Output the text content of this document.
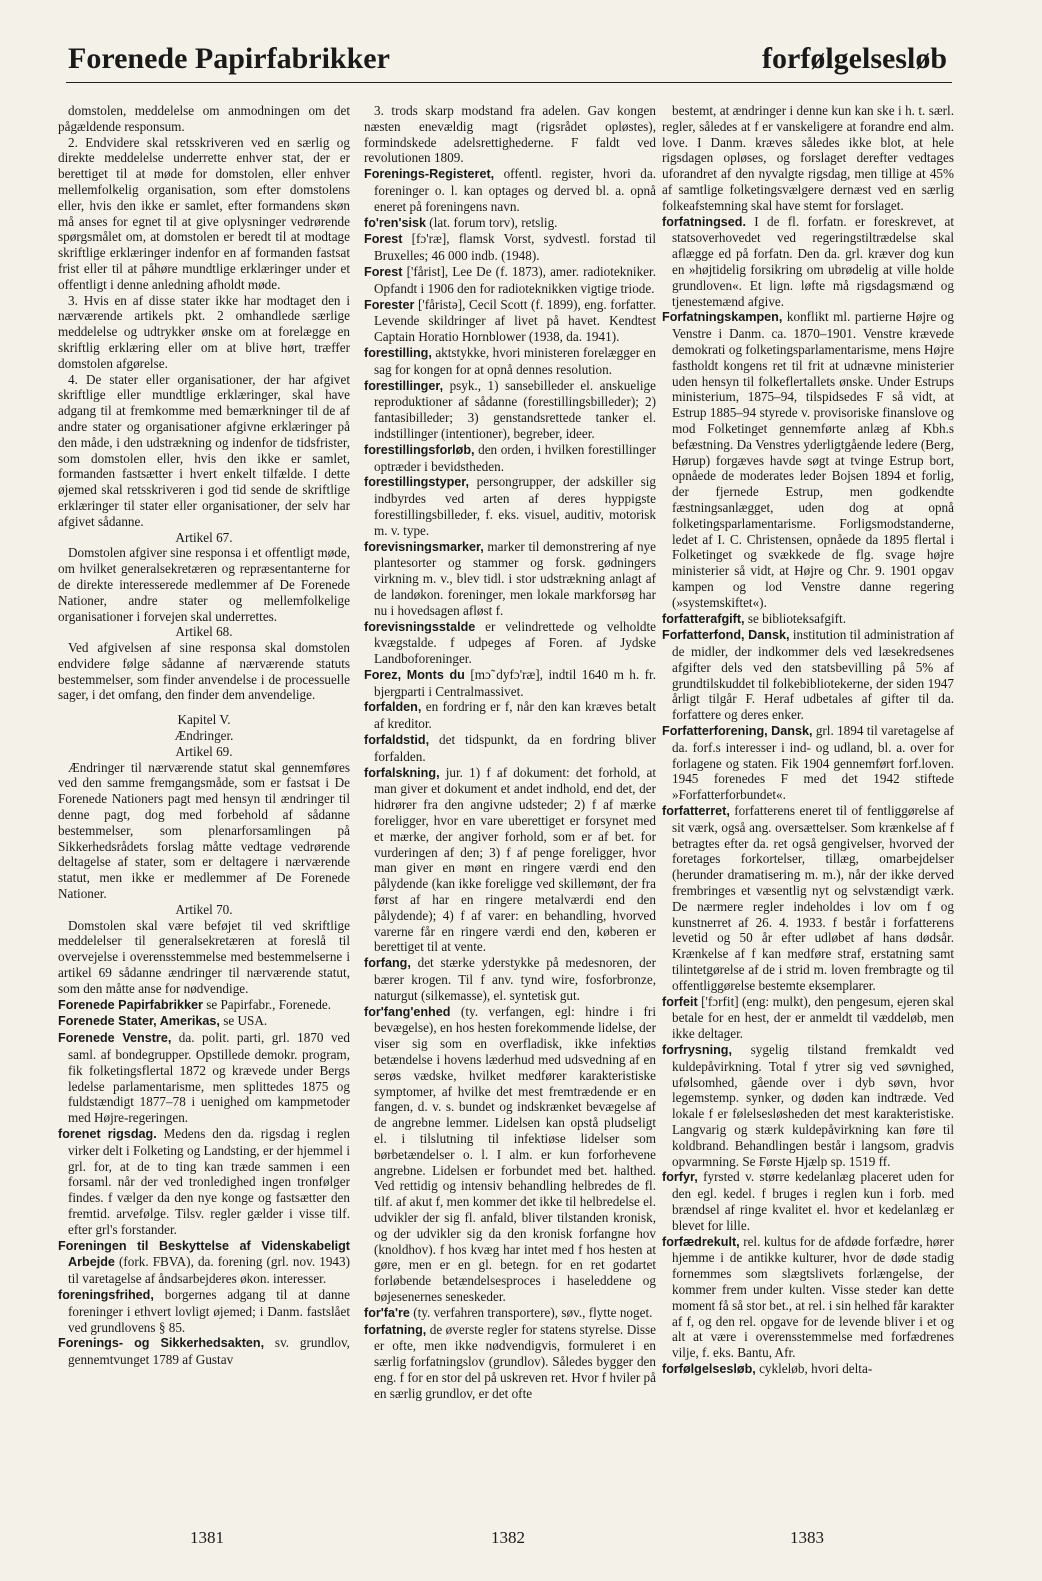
Forenede Papirfabrikker	forfølgelsesløb

domstolen, meddelelse om anmodningen om det pågældende responsum.

2. Endvidere skal retsskriveren ved en særlig og direkte meddelelse underrette enhver stat, der er berettiget til at møde for domstolen, eller enhver mellemfolkelig organisation, som efter domstolens eller, hvis den ikke er samlet, efter formandens skøn må anses for egnet til at give oplysninger vedrørende spørgsmålet om, at domstolen er beredt til at modtage skriftlige erklæringer indenfor en af formanden fastsat frist eller til at påhøre mundtlige erklæringer under et offentligt i denne anledning afholdt møde.

3. Hvis en af disse stater ikke har modtaget den i nærværende artikels pkt. 2 omhandlede særlige meddelelse og udtrykker ønske om at forelægge en skriftlig erklæring eller om at blive hørt, træffer domstolen afgørelse.

4. De stater eller organisationer, der har afgivet skriftlige eller mundtlige erklæringer, skal have adgang til at fremkomme med bemærkninger til de af andre stater og organisationer afgivne erklæringer på den måde, i den udstrækning og indenfor de tidsfrister, som domstolen eller, hvis den ikke er samlet, formanden fastsætter i hvert enkelt tilfælde. I dette øjemed skal retsskriveren i god tid sende de skriftlige erklæringer til stater eller organisationer, der selv har afgivet sådanne.

Artikel 67.

Domstolen afgiver sine responsa i et offentligt møde, om hvilket generalsekretæren og repræsentanterne for de direkte interesserede medlemmer af De Forenede Nationer, andre stater og mellemfolkelige organisationer i forvejen skal underrettes.

Artikel 68.

Ved afgivelsen af sine responsa skal domstolen endvidere følge sådanne af nærværende statuts bestemmelser, som finder anvendelse i de processuelle sager, i det omfang, den finder dem anvendelige.

Kapitel V.

Ændringer.

Artikel 69.

Ændringer til nærværende statut skal gennemføres ved den samme fremgangsmåde, som er fastsat i De Forenede Nationers pagt med hensyn til ændringer til denne pagt, dog med forbehold af sådanne bestemmelser, som plenarforsamlingen på Sikkerhedsrådets forslag måtte vedtage vedrørende deltagelse af stater, som er deltagere i nærværende statut, men ikke er medlemmer af De Forenede Nationer.

Artikel 70.

Domstolen skal være beføjet til ved skriftlige meddelelser til generalsekretæren at foreslå til overvejelse i overensstemmelse med bestemmelserne i artikel 69 sådanne ændringer til nærværende statut, som den måtte anse for nødvendige.

Forenede Papirfabrikker se Papirfabr., Forenede.

Forenede Stater, Amerikas, se USA.

Forenede Venstre, da. polit. parti, grl. 1870 ved saml. af bondegrupper. Opstillede demokr. program, fik folketingsflertal 1872 og krævede under Bergs ledelse parlamentarisme, men splittedes 1875 og fuldstændigt 1877–78 i uenighed om kampmetoder med Højre-regeringen.

forenet rigsdag. Medens den da. rigsdag i reglen virker delt i Folketing og Landsting, er der hjemmel i grl. for, at de to ting kan træde sammen i een forsaml. når der ved tronledighed ingen tronfølger findes. f vælger da den nye konge og fastsætter den fremtid. arvefølge. Tilsv. regler gælder i visse tilf. efter grl's forstander.

Foreningen til Beskyttelse af Videnskabeligt Arbejde (fork. FBVA), da. forening (grl. nov. 1943) til varetagelse af åndsarbejderes økon. interesser.

foreningsfrihed, borgernes adgang til at danne foreninger i ethvert lovligt øjemed; i Danm. fastslået ved grundlovens § 85.

Forenings- og Sikkerhedsakten, sv. grundlov, gennemtvunget 1789 af Gustav

3. trods skarp modstand fra adelen. Gav kongen næsten enevældig magt (rigsrådet opløstes), formindskede adelsrettighederne. F faldt ved revolutionen 1809.

Forenings-Registeret, offentl. register, hvori da. foreninger o. l. kan optages og derved bl. a. opnå eneret på foreningens navn.

fo'ren'sisk (lat. forum torv), retslig.

Forest [fɔ'ræ], flamsk Vorst, sydvestl. forstad til Bruxelles; 46 000 indb. (1948).

Forest ['fårist], Lee De (f. 1873), amer. radiotekniker. Opfandt i 1906 den for radioteknikken vigtige triode.

Forester ['fåristə], Cecil Scott (f. 1899), eng. forfatter. Levende skildringer af livet på havet. Kendtest Captain Horatio Hornblower (1938, da. 1941).

forestilling, aktstykke, hvori ministeren forelægger en sag for kongen for at opnå dennes resolution.

forestillinger, psyk., 1) sansebilleder el. anskuelige reproduktioner af sådanne (forestillingsbilleder); 2) fantasibilleder; 3) genstandsrettede tanker el. indstillinger (intentioner), begreber, ideer.

forestillingsforløb, den orden, i hvilken forestillinger optræder i bevidstheden.

forestillingstyper, persongrupper, der adskiller sig indbyrdes ved arten af deres hyppigste forestillingsbilleder, f. eks. visuel, auditiv, motorisk m. v. type.

forevisningsmarker, marker til demonstrering af nye plantesorter og stammer og forsk. gødningers virkning m. v., blev tidl. i stor udstrækning anlagt af de landøkon. foreninger, men lokale markforsøg har nu i hovedsagen afløst f.

forevisningsstalde er velindrettede og velholdte kvægstalde. f udpeges af Foren. af Jydske Landboforeninger.

Forez, Monts du [mɔ̃ dyfɔ'ræ], indtil 1640 m h. fr. bjergparti i Centralmassivet.

forfalden, en fordring er f, når den kan kræves betalt af kreditor.

forfaldstid, det tidspunkt, da en fordring bliver forfalden.

forfalskning, jur. 1) f af dokument: det forhold, at man giver et dokument et andet indhold, end det, der hidrører fra den angivne udsteder; 2) f af mærke foreligger, hvor en vare uberettiget er forsynet med et mærke, der angiver forhold, som er af bet. for vurderingen af den; 3) f af penge foreligger, hvor man giver en mønt en ringere værdi end den pålydende (kan ikke foreligge ved skillemønt, der fra først af har en ringere metalværdi end den pålydende); 4) f af varer: en behandling, hvorved varerne får en ringere værdi end den, køberen er berettiget til at vente.

forfang, det stærke yderstykke på medesnoren, der bærer krogen. Til f anv. tynd wire, fosforbronze, naturgut (silkemasse), el. syntetisk gut.

for'fang'enhed (ty. verfangen, egl: hindre i fri bevægelse), en hos hesten forekommende lidelse, der viser sig som en overfladisk, ikke infektiøs betændelse i hovens læderhud med udsvedning af en serøs vædske, hvilket medfører karakteristiske symptomer, af hvilke det mest fremtrædende er en fangen, d. v. s. bundet og indskrænket bevægelse af de angrebne lemmer. Lidelsen kan opstå pludseligt el. i tilslutning til infektiøse lidelser som børbetændelser o. l. I alm. er kun forforhevene angrebne. Lidelsen er forbundet med bet. halthed. Ved rettidig og intensiv behandling helbredes de fl. tilf. af akut f, men kommer det ikke til helbredelse el. udvikler der sig fl. anfald, bliver tilstanden kronisk, og der udvikler sig da den kronisk forfangne hov (knoldhov). f hos kvæg har intet med f hos hesten at gøre, men er en gl. betegn. for en ret godartet forløbende betændelsesproces i haseleddene og bøjesenernes seneskeder.

for'fa're (ty. verfahren transportere), søv., flytte noget.

forfatning, de øverste regler for statens styrelse. Disse er ofte, men ikke nødvendigvis, formuleret i en særlig forfatningslov (grundlov). Således bygger den eng. f for en stor del på uskreven ret. Hvor f hviler på en særlig grundlov, er det ofte

bestemt, at ændringer i denne kun kan ske i h. t. særl. regler, således at f er vanskeligere at forandre end alm. love. I Danm. kræves således ikke blot, at hele rigsdagen opløses, og forslaget derefter vedtages uforandret af den nyvalgte rigsdag, men tillige at 45% af samtlige folketingsvælgere dernæst ved en særlig folkeafstemning skal have stemt for forslaget.

forfatningsed. I de fl. forfatn. er foreskrevet, at statsoverhovedet ved regeringstiltrædelse skal aflægge ed på forfatn. Den da. grl. kræver dog kun en »højtidelig forsikring om ubrødelig at ville holde grundloven«. Et lign. løfte må rigsdagsmænd og tjenestemænd afgive.

Forfatningskampen, konflikt ml. partierne Højre og Venstre i Danm. ca. 1870–1901. Venstre krævede demokrati og folketingsparlamentarisme, mens Højre fastholdt kongens ret til frit at udnævne ministerier uden hensyn til folkeflertallets ønske. Under Estrups ministerium, 1875–94, tilspidsedes F så vidt, at Estrup 1885–94 styrede v. provisoriske finanslove og mod Folketinget gennemførte anlæg af Kbh.s befæstning. Da Venstres yderligtgående ledere (Berg, Hørup) forgæves havde søgt at tvinge Estrup bort, opnåede de moderates leder Bojsen 1894 et forlig, der fjernede Estrup, men godkendte fæstningsanlægget, uden dog at opnå folketingsparlamentarisme. Forligsmodstanderne, ledet af I. C. Christensen, opnåede da 1895 flertal i Folketinget og svækkede de flg. svage højre ministerier så vidt, at Højre og Chr. 9. 1901 opgav kampen og lod Venstre danne regering (»systemskiftet«).

forfatterafgift, se biblioteksafgift.

Forfatterfond, Dansk, institution til administration af de midler, der indkommer dels ved læsekredsenes afgifter dels ved den statsbevilling på 5% af grundtilskuddet til folkebibliotekerne, der siden 1947 årligt tilgår F. Heraf udbetales af gifter til da. forfattere og deres enker.

Forfatterforening, Dansk, grl. 1894 til varetagelse af da. forf.s interesser i ind- og udland, bl. a. over for forlagene og staten. Fik 1904 gennemført forf.loven. 1945 forenedes F med det 1942 stiftede »Forfatterforbundet«.

forfatterret, forfatterens eneret til of fentliggørelse af sit værk, også ang. oversættelser. Som krænkelse af f betragtes efter da. ret også gengivelser, hvorved der foretages forkortelser, tillæg, omarbejdelser (herunder dramatisering m. m.), når der ikke derved frembringes et væsentlig nyt og selvstændigt værk. De nærmere regler indeholdes i lov om f og kunstnerret af 26. 4. 1933. f består i forfatterens levetid og 50 år efter udløbet af hans dødsår. Krænkelse af f kan medføre straf, erstatning samt tilintetgørelse af de i strid m. loven frembragte og til offentliggørelse bestemte eksemplarer.

forfeit ['fɔrfit] (eng: mulkt), den pengesum, ejeren skal betale for en hest, der er anmeldt til væddeløb, men ikke deltager.

forfrysning, sygelig tilstand fremkaldt ved kuldepåvirkning. Total f ytrer sig ved søvnighed, ufølsomhed, gående over i dyb søvn, hvor legemstemp. synker, og døden kan indtræde. Ved lokale f er følelsesløsheden det mest karakteristiske. Langvarig og stærk kuldepåvirkning kan føre til koldbrand. Behandlingen består i langsom, gradvis opvarmning. Se Første Hjælp sp. 1519 ff.

forfyr, fyrsted v. større kedelanlæg placeret uden for den egl. kedel. f bruges i reglen kun i forb. med brændsel af ringe kvalitet el. hvor et kedelanlæg er blevet for lille.

forfædrekult, rel. kultus for de afdøde forfædre, hører hjemme i de antikke kulturer, hvor de døde stadig fornemmes som slægtslivets forlængelse, der kommer frem under kulten. Visse steder kan dette moment få så stor bet., at rel. i sin helhed får karakter af f, og den rel. opgave for de levende bliver i et og alt at være i overensstemmelse med forfædrenes vilje, f. eks. Bantu, Afr.

forfølgelsesløb, cykleløb, hvori delta-

1381	1382	1383
